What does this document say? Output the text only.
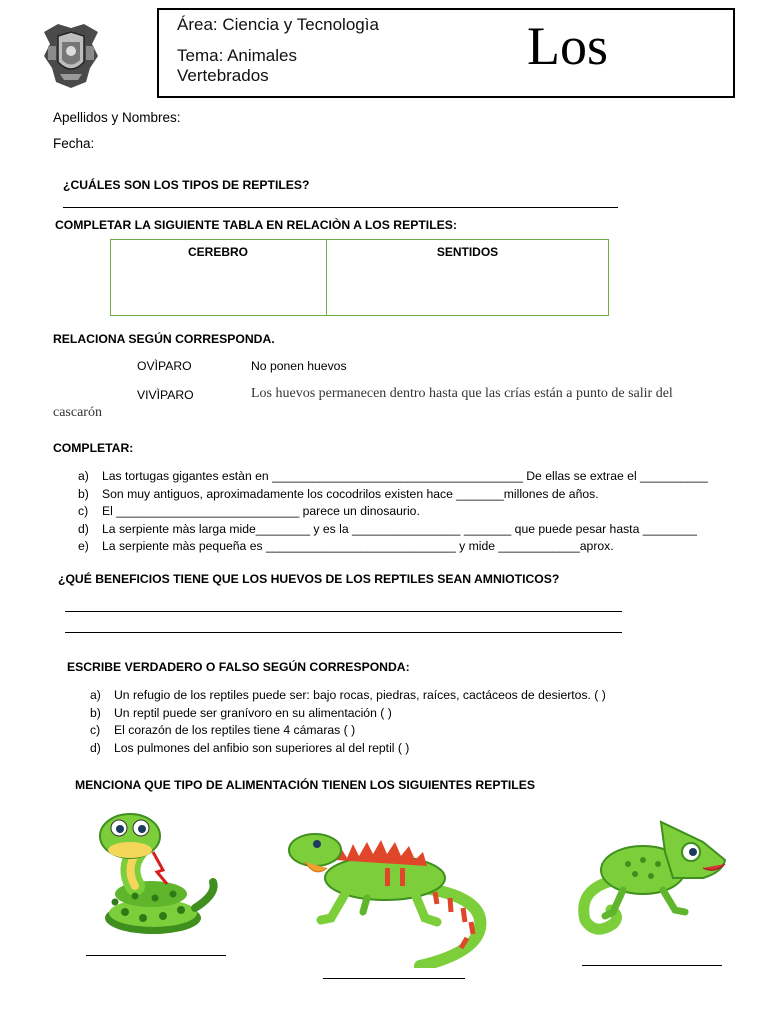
Área: Ciencia y Tecnologìa
Tema: Animales
Vertebrados	Los
Apellidos y Nombres:
Fecha:
¿CUÁLES SON LOS TIPOS DE REPTILES?
COMPLETAR LA SIGUIENTE TABLA EN RELACIÒN A LOS REPTILES:
CEREBRO	SENTIDOS
RELACIONA SEGÚN CORRESPONDA.
OVÌPARO	No ponen huevos
VIVÌPARO	Los huevos permanecen dentro hasta que las crías están a punto de salir del
cascarón
COMPLETAR:
a) Las tortugas gigantes estàn en _____________________________________ De ellas se extrae el __________
b) Son muy antiguos, aproximadamente los cocodrilos existen hace _______millones de años.
c) El ___________________________ parece un dinosaurio.
d) La serpiente màs larga mide________ y es la ________________ _______ que puede pesar hasta ________
e) La serpiente màs pequeña es ____________________________ y mide ____________aprox.
¿QUÉ BENEFICIOS TIENE QUE LOS HUEVOS DE LOS REPTILES SEAN AMNIOTICOS?
ESCRIBE VERDADERO O FALSO SEGÚN CORRESPONDA:
a) Un refugio de los reptiles puede ser: bajo rocas, piedras, raíces, cactáceos de desiertos. ( )
b) Un reptil puede ser granívoro en su alimentación ( )
c) El corazón de los reptiles tiene 4 cámaras ( )
d) Los pulmones del anfibio son superiores al del reptil ( )
MENCIONA QUE TIPO DE ALIMENTACIÓN TIENEN LOS SIGUIENTES REPTILES
